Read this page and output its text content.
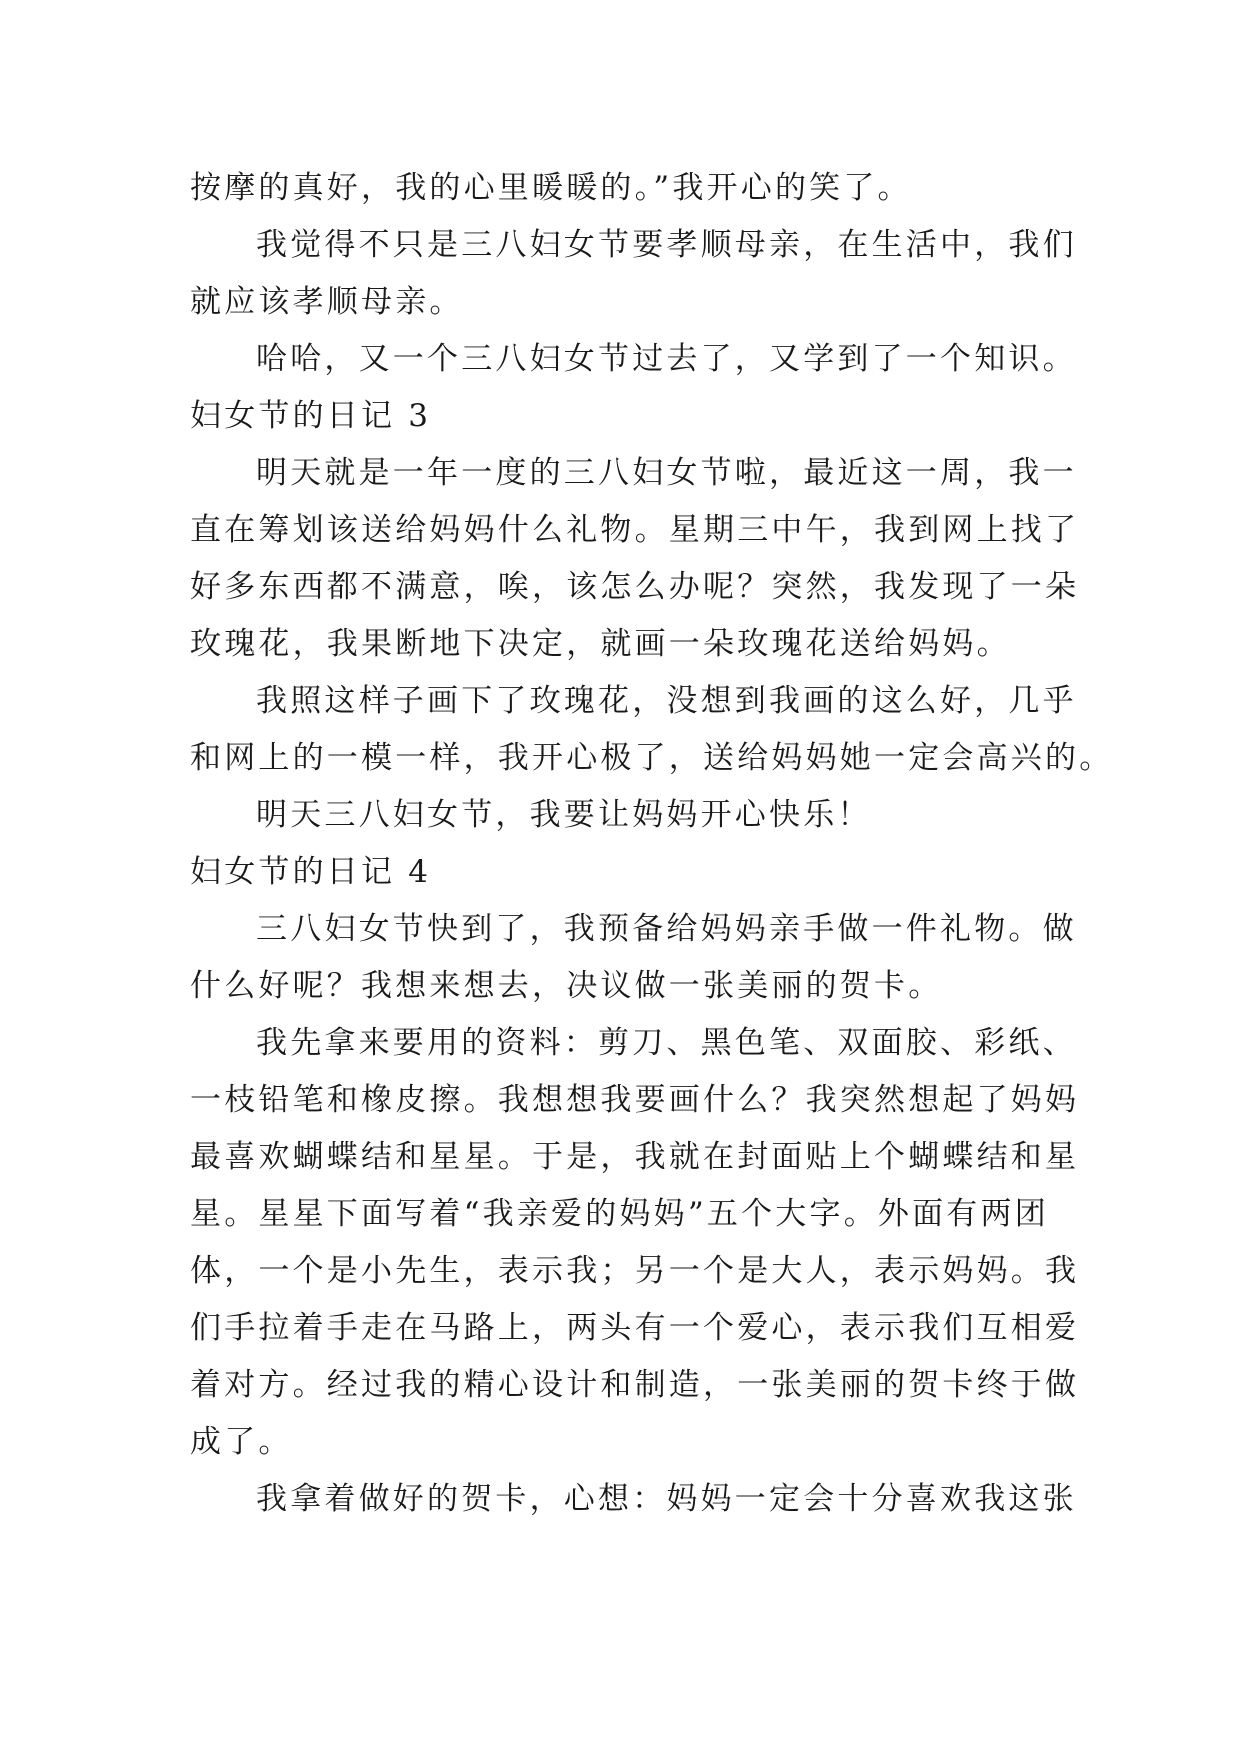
按摩的真好，我的心里暖暖的。”我开心的笑了。
我觉得不只是三八妇女节要孝顺母亲，在生活中，我们
就应该孝顺母亲。
哈哈，又一个三八妇女节过去了，又学到了一个知识。
妇女节的日记 3
明天就是一年一度的三八妇女节啦，最近这一周，我一
直在筹划该送给妈妈什么礼物。星期三中午，我到网上找了
好多东西都不满意，唉，该怎么办呢？突然，我发现了一朵
玫瑰花，我果断地下决定，就画一朵玫瑰花送给妈妈。
我照这样子画下了玫瑰花，没想到我画的这么好，几乎
和网上的一模一样，我开心极了，送给妈妈她一定会高兴的。
明天三八妇女节，我要让妈妈开心快乐！
妇女节的日记 4
三八妇女节快到了，我预备给妈妈亲手做一件礼物。做
什么好呢？我想来想去，决议做一张美丽的贺卡。
我先拿来要用的资料：剪刀、黑色笔、双面胶、彩纸、
一枝铅笔和橡皮擦。我想想我要画什么？我突然想起了妈妈
最喜欢蝴蝶结和星星。于是，我就在封面贴上个蝴蝶结和星
星。星星下面写着“我亲爱的妈妈”五个大字。外面有两团
体，一个是小先生，表示我；另一个是大人，表示妈妈。我
们手拉着手走在马路上，两头有一个爱心，表示我们互相爱
着对方。经过我的精心设计和制造，一张美丽的贺卡终于做
成了。
我拿着做好的贺卡，心想：妈妈一定会十分喜欢我这张
